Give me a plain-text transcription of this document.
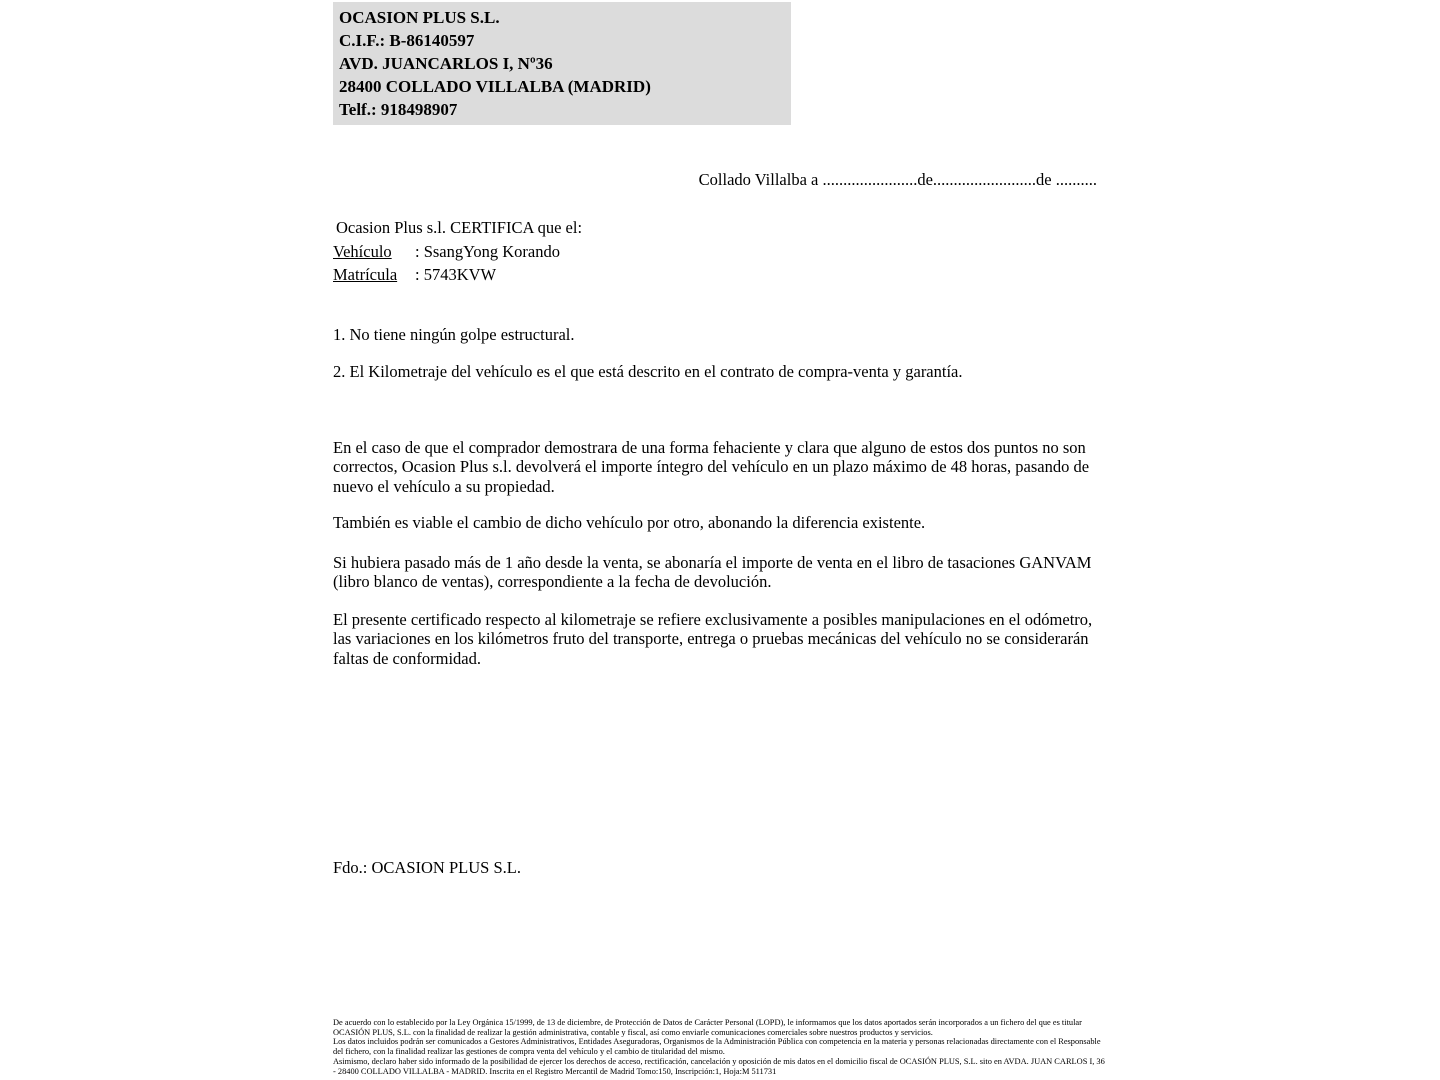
OCASION PLUS S.L.
C.I.F.: B-86140597
AVD. JUANCARLOS I, Nº36
28400 COLLADO VILLALBA (MADRID)
Telf.: 918498907
Collado Villalba a .......................de.........................de ..........
Ocasion Plus s.l. CERTIFICA que el:
Vehículo : SsangYong Korando
Matrícula : 5743KVW
1. No tiene ningún golpe estructural.
2. El Kilometraje del vehículo es el que está descrito en el contrato de compra-venta y garantía.
En el caso de que el comprador demostrara de una forma fehaciente y clara que alguno de estos dos puntos no son correctos, Ocasion Plus s.l. devolverá el importe íntegro del vehículo en un plazo máximo de 48 horas, pasando de nuevo el vehículo a su propiedad.
También es viable el cambio de dicho vehículo por otro, abonando la diferencia existente.
Si hubiera pasado más de 1 año desde la venta, se abonaría el importe de venta en el libro de tasaciones GANVAM (libro blanco de ventas), correspondiente a la fecha de devolución.
El presente certificado respecto al kilometraje se refiere exclusivamente a posibles manipulaciones en el odómetro, las variaciones en los kilómetros fruto del transporte, entrega o pruebas mecánicas del vehículo no se considerarán faltas de conformidad.
Fdo.: OCASION PLUS S.L.

De acuerdo con lo establecido por la Ley Orgánica 15/1999, de 13 de diciembre, de Protección de Datos de Carácter Personal (LOPD), le informamos que los datos aportados serán incorporados a un fichero del que es titular OCASIÓN PLUS, S.L. con la finalidad de realizar la gestión administrativa, contable y fiscal, así como enviarle comunicaciones comerciales sobre nuestros productos y servicios.

Los datos incluidos podrán ser comunicados a Gestores Administrativos, Entidades Aseguradoras, Organismos de la Administración Pública con competencia en la materia y personas relacionadas directamente con el Responsable del fichero, con la finalidad realizar las gestiones de compra venta del vehículo y el cambio de titularidad del mismo.

Asimismo, declaro haber sido informado de la posibilidad de ejercer los derechos de acceso, rectificación, cancelación y oposición de mis datos en el domicilio fiscal de OCASIÓN PLUS, S.L. sito en AVDA. JUAN CARLOS I, 36 - 28400 COLLADO VILLALBA - MADRID. Inscrita en el Registro Mercantil de Madrid Tomo:150, Inscripción:1, Hoja:M 511731
